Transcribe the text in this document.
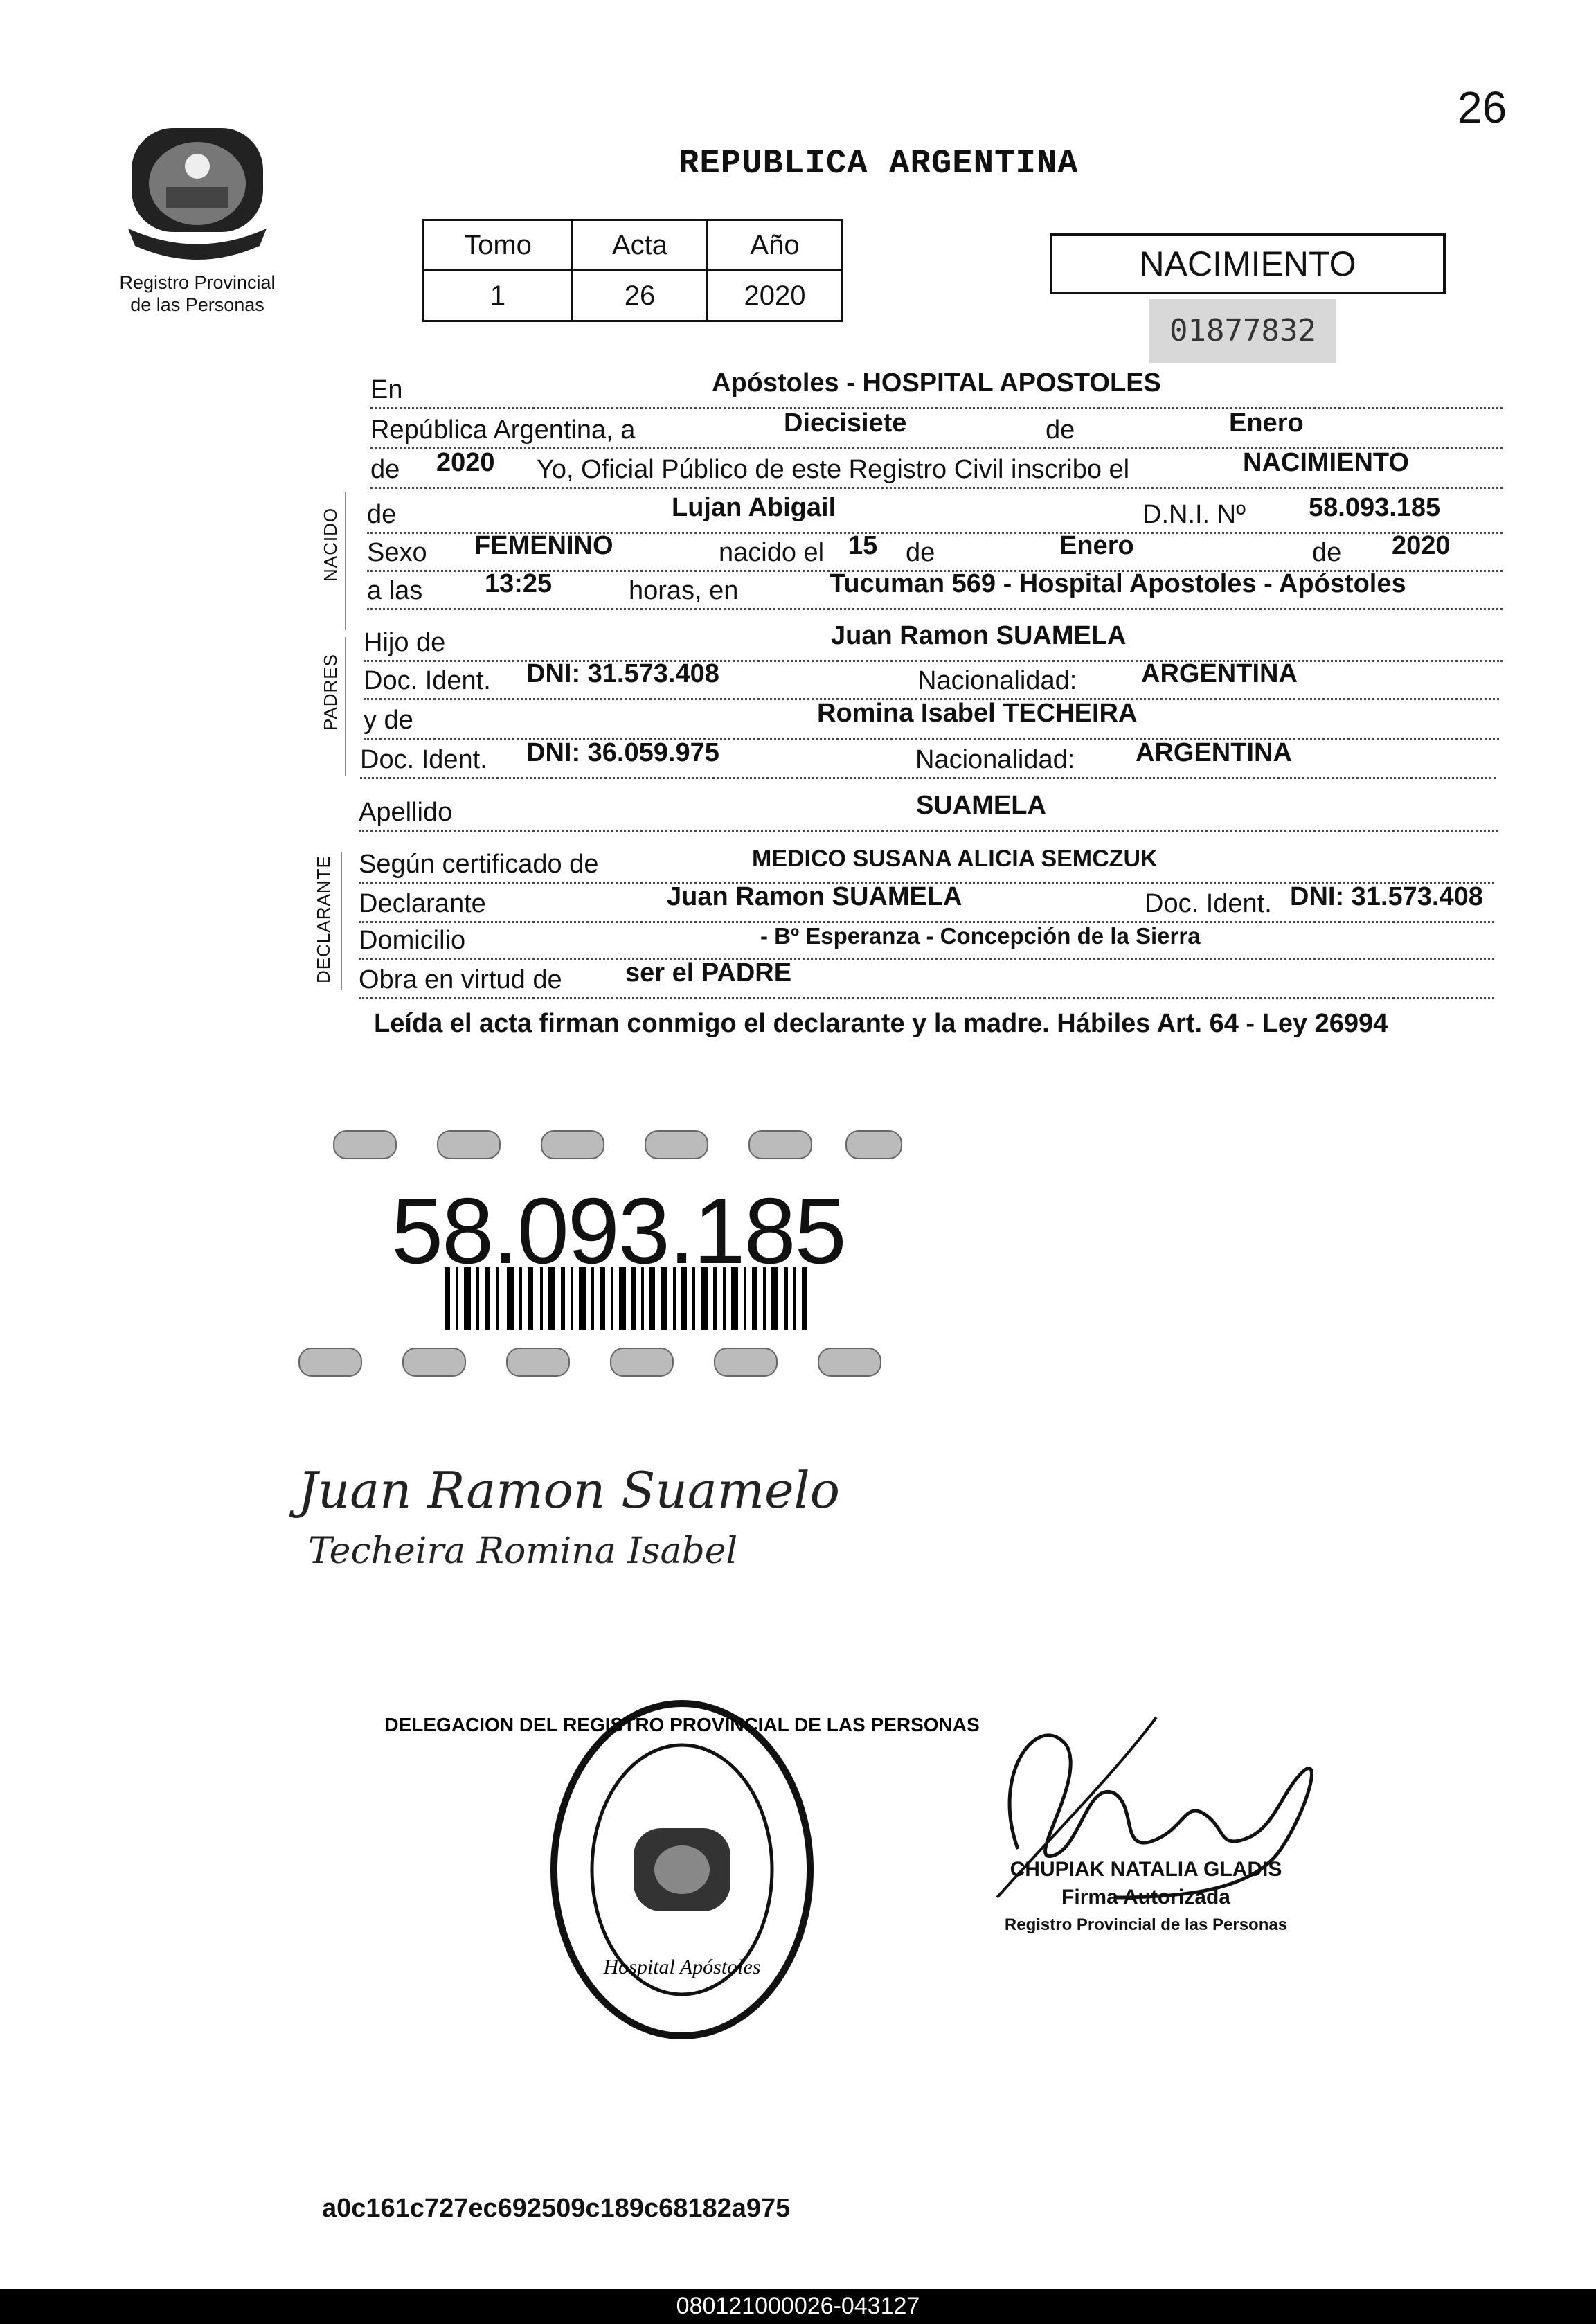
26
Registro Provincial
de las Personas
REPUBLICA ARGENTINA
Tomo	Acta	Año
1	26	2020
NACIMIENTO
01877832
NACIDO
PADRES
DECLARANTE
En	Apóstoles - HOSPITAL APOSTOLES
República Argentina, a	Diecisiete	de	Enero
de 2020 Yo, Oficial Público de este Registro Civil inscribo el	NACIMIENTO
de	Lujan Abigail	D.N.I. Nº 58.093.185
Sexo FEMENINO	nacido el 15 de	Enero	de 2020
a las 13:25	horas, en	Tucuman 569 - Hospital Apostoles - Apóstoles
Hijo de	Juan Ramon SUAMELA
Doc. Ident. DNI: 31.573.408	Nacionalidad: ARGENTINA
y de	Romina Isabel TECHEIRA
Doc. Ident. DNI: 36.059.975	Nacionalidad: ARGENTINA
Apellido	SUAMELA
Según certificado de	MEDICO SUSANA ALICIA SEMCZUK
Declarante	Juan Ramon SUAMELA	Doc. Ident. DNI: 31.573.408
Domicilio	- Bº Esperanza - Concepción de la Sierra
Obra en virtud de ser el PADRE
Leída el acta firman conmigo el declarante y la madre. Hábiles Art. 64 - Ley 26994
58.093.185
Juan Ramon Suamelo
Techeira Romina Isabel
DELEGACION DEL REGISTRO PROVINCIAL DE LAS PERSONAS
Hospital Apóstoles
CHUPIAK NATALIA GLADIS
Firma Autorizada
Registro Provincial de las Personas
a0c161c727ec692509c189c68182a975
080121000026-043127
